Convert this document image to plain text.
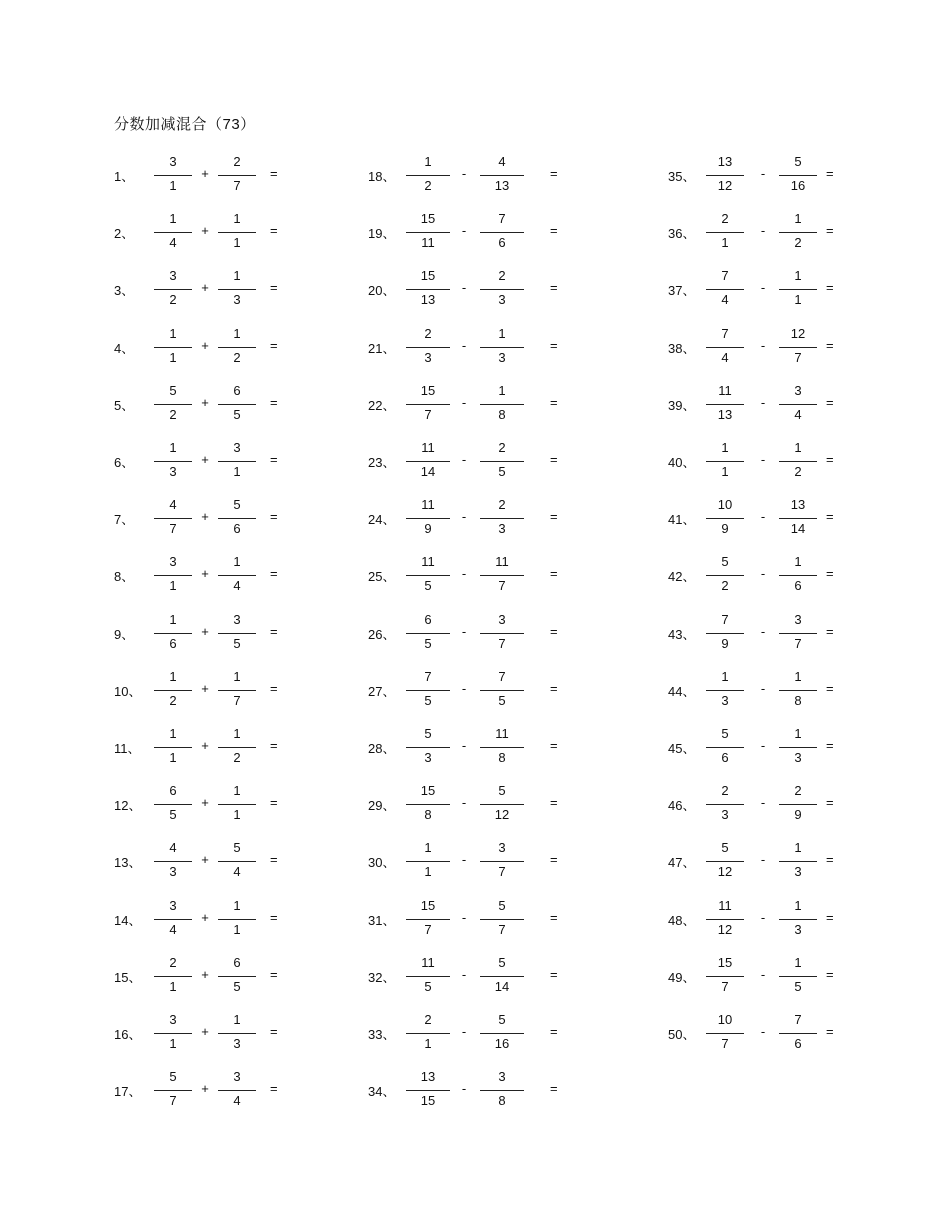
分数加减混合（73）
1、
3
1
+
2
7
=
2、
1
4
+
1
1
=
3、
3
2
+
1
3
=
4、
1
1
+
1
2
=
5、
5
2
+
6
5
=
6、
1
3
+
3
1
=
7、
4
7
+
5
6
=
8、
3
1
+
1
4
=
9、
1
6
+
3
5
=
10、
1
2
+
1
7
=
11、
1
1
+
1
2
=
12、
6
5
+
1
1
=
13、
4
3
+
5
4
=
14、
3
4
+
1
1
=
15、
2
1
+
6
5
=
16、
3
1
+
1
3
=
17、
5
7
+
3
4
=
18、
1
2
-
4
13
=
19、
15
11
-
7
6
=
20、
15
13
-
2
3
=
21、
2
3
-
1
3
=
22、
15
7
-
1
8
=
23、
11
14
-
2
5
=
24、
11
9
-
2
3
=
25、
11
5
-
11
7
=
26、
6
5
-
3
7
=
27、
7
5
-
7
5
=
28、
5
3
-
11
8
=
29、
15
8
-
5
12
=
30、
1
1
-
3
7
=
31、
15
7
-
5
7
=
32、
11
5
-
5
14
=
33、
2
1
-
5
16
=
34、
13
15
-
3
8
=
35、
13
12
-
5
16
=
36、
2
1
-
1
2
=
37、
7
4
-
1
1
=
38、
7
4
-
12
7
=
39、
11
13
-
3
4
=
40、
1
1
-
1
2
=
41、
10
9
-
13
14
=
42、
5
2
-
1
6
=
43、
7
9
-
3
7
=
44、
1
3
-
1
8
=
45、
5
6
-
1
3
=
46、
2
3
-
2
9
=
47、
5
12
-
1
3
=
48、
11
12
-
1
3
=
49、
15
7
-
1
5
=
50、
10
7
-
7
6
=
